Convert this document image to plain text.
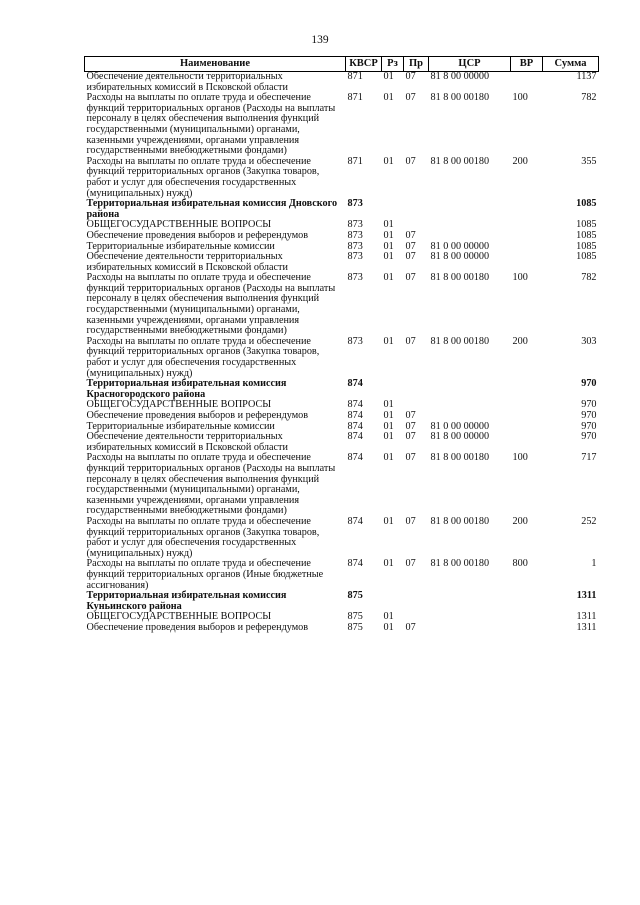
139
Наименование	КВСР	Рз	Пр	ЦСР	ВР	Сумма
Обеспечение деятельности территориальных избирательных комиссий в Псковской области	871	01	07	81 8 00 00000		1137
Расходы на выплаты по оплате труда и обеспечение функций территориальных органов (Расходы на выплаты персоналу в целях обеспечения выполнения функций государственными (муниципальными) органами, казенными учреждениями, органами управления государственными внебюджетными фондами)	871	01	07	81 8 00 00180	100	782
Расходы на выплаты по оплате труда и обеспечение функций территориальных органов (Закупка товаров, работ и услуг для обеспечения государственных (муниципальных) нужд)	871	01	07	81 8 00 00180	200	355
Территориальная избирательная комиссия Дновского района	873					1085
ОБЩЕГОСУДАРСТВЕННЫЕ ВОПРОСЫ	873	01				1085
Обеспечение проведения выборов и референдумов	873	01	07			1085
Территориальные избирательные комиссии	873	01	07	81 0 00 00000		1085
Обеспечение деятельности территориальных избирательных комиссий в Псковской области	873	01	07	81 8 00 00000		1085
Расходы на выплаты по оплате труда и обеспечение функций территориальных органов (Расходы на выплаты персоналу в целях обеспечения выполнения функций государственными (муниципальными) органами, казенными учреждениями, органами управления государственными внебюджетными фондами)	873	01	07	81 8 00 00180	100	782
Расходы на выплаты по оплате труда и обеспечение функций территориальных органов (Закупка товаров, работ и услуг для обеспечения государственных (муниципальных) нужд)	873	01	07	81 8 00 00180	200	303
Территориальная избирательная комиссия Красногородского района	874					970
ОБЩЕГОСУДАРСТВЕННЫЕ ВОПРОСЫ	874	01				970
Обеспечение проведения выборов и референдумов	874	01	07			970
Территориальные избирательные комиссии	874	01	07	81 0 00 00000		970
Обеспечение деятельности территориальных избирательных комиссий в Псковской области	874	01	07	81 8 00 00000		970
Расходы на выплаты по оплате труда и обеспечение функций территориальных органов (Расходы на выплаты персоналу в целях обеспечения выполнения функций государственными (муниципальными) органами, казенными учреждениями, органами управления государственными внебюджетными фондами)	874	01	07	81 8 00 00180	100	717
Расходы на выплаты по оплате труда и обеспечение функций территориальных органов (Закупка товаров, работ и услуг для обеспечения государственных (муниципальных) нужд)	874	01	07	81 8 00 00180	200	252
Расходы на выплаты по оплате труда и обеспечение функций территориальных органов (Иные бюджетные ассигнования)	874	01	07	81 8 00 00180	800	1
Территориальная избирательная комиссия Куньинского района	875					1311
ОБЩЕГОСУДАРСТВЕННЫЕ ВОПРОСЫ	875	01				1311
Обеспечение проведения выборов и референдумов	875	01	07			1311
